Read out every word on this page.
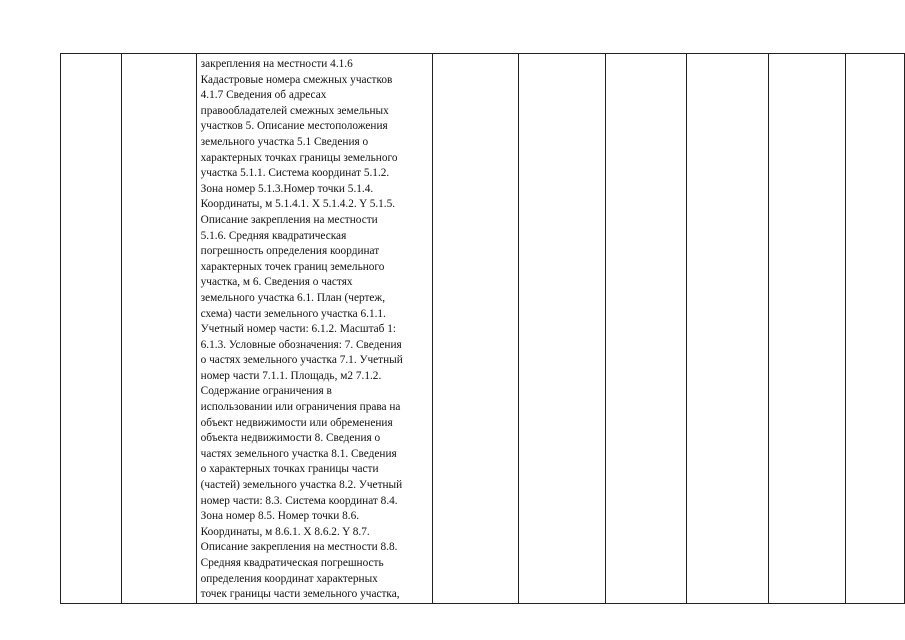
закрепления на местности 4.1.6
Кадастровые номера смежных участков
4.1.7 Сведения об адресах
правообладателей смежных земельных
участков 5. Описание местоположения
земельного участка 5.1 Сведения о
характерных точках границы земельного
участка 5.1.1. Система координат 5.1.2.
Зона номер 5.1.3.Номер точки 5.1.4.
Координаты, м 5.1.4.1. X 5.1.4.2. Y 5.1.5.
Описание закрепления на местности
5.1.6. Средняя квадратическая
погрешность определения координат
характерных точек границ земельного
участка, м 6. Сведения о частях
земельного участка 6.1. План (чертеж,
схема) части земельного участка 6.1.1.
Учетный номер части: 6.1.2. Масштаб 1:
6.1.3. Условные обозначения: 7. Сведения
о частях земельного участка 7.1. Учетный
номер части 7.1.1. Площадь, м2 7.1.2.
Содержание ограничения в
использовании или ограничения права на
объект недвижимости или обременения
объекта недвижимости 8. Сведения о
частях земельного участка 8.1. Сведения
о характерных точках границы части
(частей) земельного участка 8.2. Учетный
номер части: 8.3. Система координат 8.4.
Зона номер 8.5. Номер точки 8.6.
Координаты, м 8.6.1. X 8.6.2. Y 8.7.
Описание закрепления на местности 8.8.
Средняя квадратическая погрешность
определения координат характерных
точек границы части земельного участка,
